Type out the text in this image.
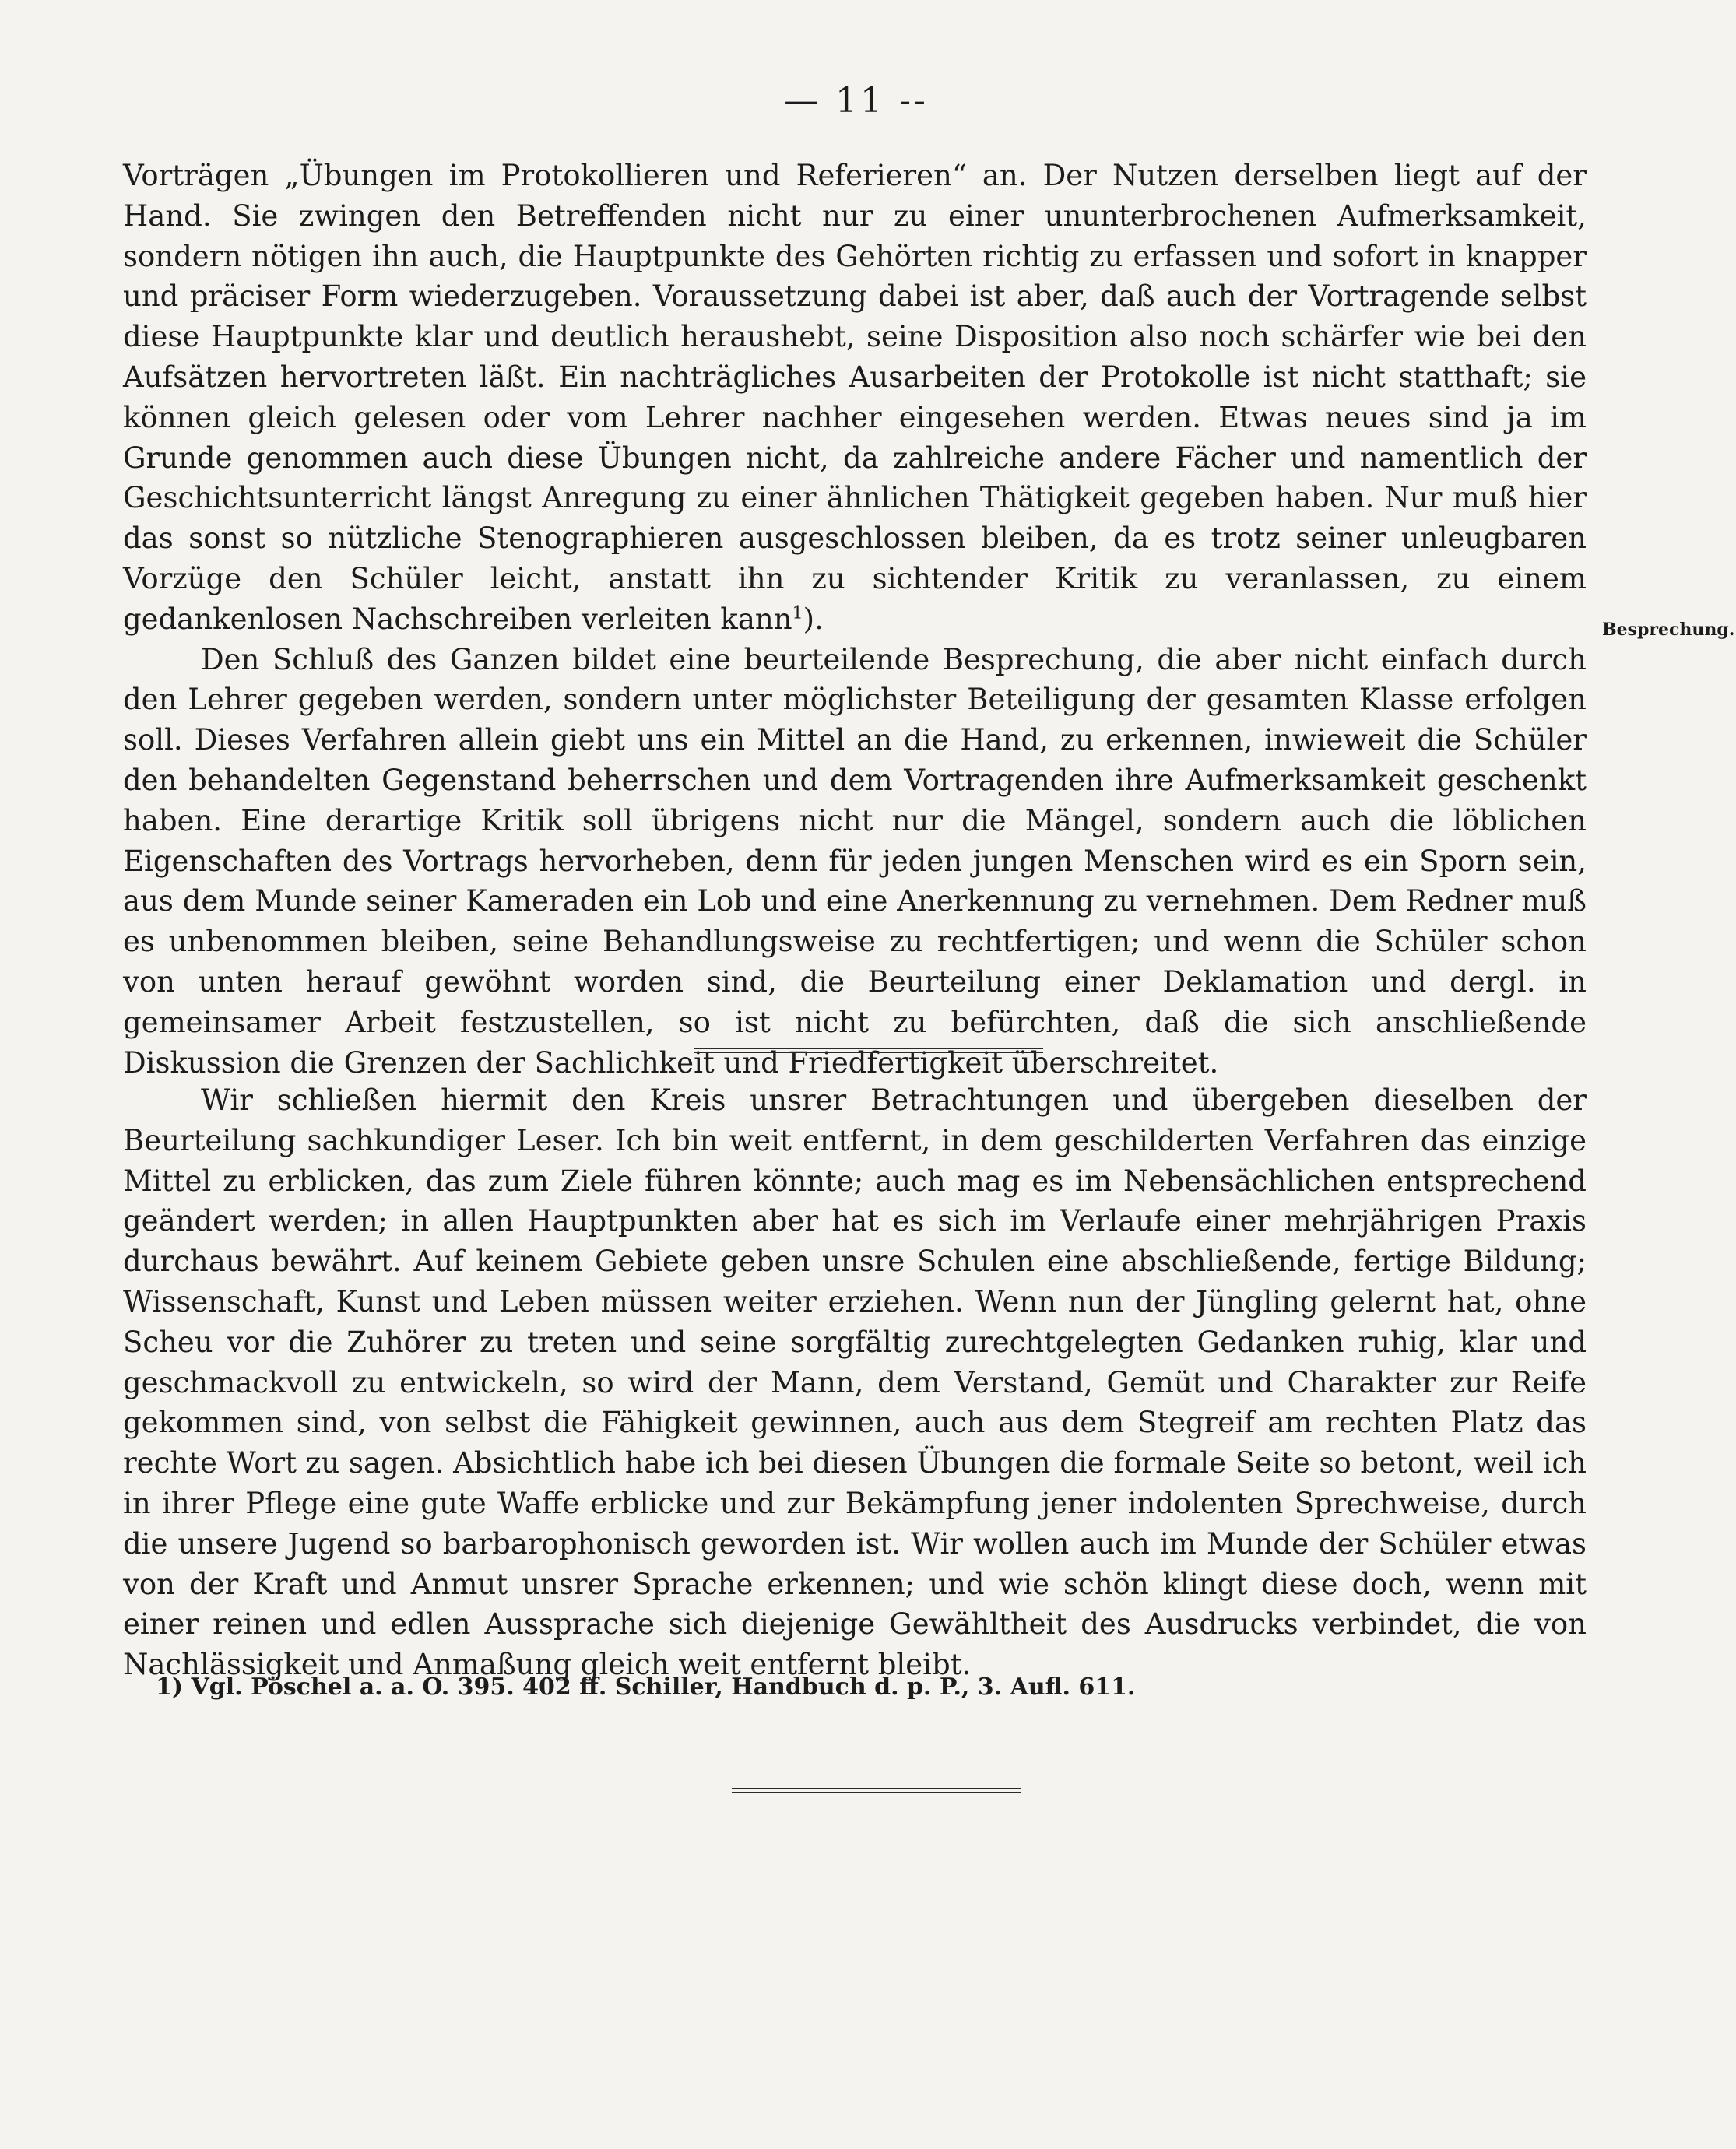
— 11 --

Vorträgen „Übungen im Protokollieren und Referieren“ an. Der Nutzen derselben liegt auf der Hand. Sie zwingen den Betreffenden nicht nur zu einer ununterbrochenen Aufmerksamkeit, sondern nötigen ihn auch, die Hauptpunkte des Gehörten richtig zu erfassen und sofort in knapper und präciser Form wiederzugeben. Voraussetzung dabei ist aber, daß auch der Vortragende selbst diese Hauptpunkte klar und deutlich heraushebt, seine Disposition also noch schärfer wie bei den Aufsätzen hervortreten läßt. Ein nachträgliches Ausarbeiten der Protokolle ist nicht statthaft; sie können gleich gelesen oder vom Lehrer nachher eingesehen werden. Etwas neues sind ja im Grunde genommen auch diese Übungen nicht, da zahlreiche andere Fächer und namentlich der Geschichtsunterricht längst Anregung zu einer ähnlichen Thätigkeit gegeben haben. Nur muß hier das sonst so nützliche Stenographieren ausgeschlossen bleiben, da es trotz seiner unleugbaren Vorzüge den Schüler leicht, anstatt ihn zu sichtender Kritik zu veranlassen, zu einem gedankenlosen Nachschreiben verleiten kann$^1$).

Den Schluß des Ganzen bildet eine beurteilende Besprechung, die aber nicht einfach durch den Lehrer gegeben werden, sondern unter möglichster Beteiligung der gesamten Klasse erfolgen soll. Dieses Verfahren allein giebt uns ein Mittel an die Hand, zu erkennen, inwieweit die Schüler den behandelten Gegenstand beherrschen und dem Vortragenden ihre Aufmerksamkeit geschenkt haben. Eine derartige Kritik soll übrigens nicht nur die Mängel, sondern auch die löblichen Eigenschaften des Vortrags hervorheben, denn für jeden jungen Menschen wird es ein Sporn sein, aus dem Munde seiner Kameraden ein Lob und eine Anerkennung zu vernehmen. Dem Redner muß es unbenommen bleiben, seine Behandlungsweise zu rechtfertigen; und wenn die Schüler schon von unten herauf gewöhnt worden sind, die Beurteilung einer Deklamation und dergl. in gemeinsamer Arbeit festzustellen, so ist nicht zu befürchten, daß die sich anschließende Diskussion die Grenzen der Sachlichkeit und Friedfertigkeit überschreitet.

Besprechung.

Wir schließen hiermit den Kreis unsrer Betrachtungen und übergeben dieselben der Beurteilung sachkundiger Leser. Ich bin weit entfernt, in dem geschilderten Verfahren das einzige Mittel zu erblicken, das zum Ziele führen könnte; auch mag es im Nebensächlichen entsprechend geändert werden; in allen Hauptpunkten aber hat es sich im Verlaufe einer mehrjährigen Praxis durchaus bewährt. Auf keinem Gebiete geben unsre Schulen eine abschließende, fertige Bildung; Wissenschaft, Kunst und Leben müssen weiter erziehen. Wenn nun der Jüngling gelernt hat, ohne Scheu vor die Zuhörer zu treten und seine sorgfältig zurechtgelegten Gedanken ruhig, klar und geschmackvoll zu entwickeln, so wird der Mann, dem Verstand, Gemüt und Charakter zur Reife gekommen sind, von selbst die Fähigkeit gewinnen, auch aus dem Stegreif am rechten Platz das rechte Wort zu sagen. Absichtlich habe ich bei diesen Übungen die formale Seite so betont, weil ich in ihrer Pflege eine gute Waffe erblicke und zur Bekämpfung jener indolenten Sprechweise, durch die unsere Jugend so barbarophonisch geworden ist. Wir wollen auch im Munde der Schüler etwas von der Kraft und Anmut unsrer Sprache erkennen; und wie schön klingt diese doch, wenn mit einer reinen und edlen Aussprache sich diejenige Gewähltheit des Ausdrucks verbindet, die von Nachlässigkeit und Anmaßung gleich weit entfernt bleibt.

1) Vgl. Pöschel a. a. O. 395. 402 ff. Schiller, Handbuch d. p. P., 3. Aufl. 611.
